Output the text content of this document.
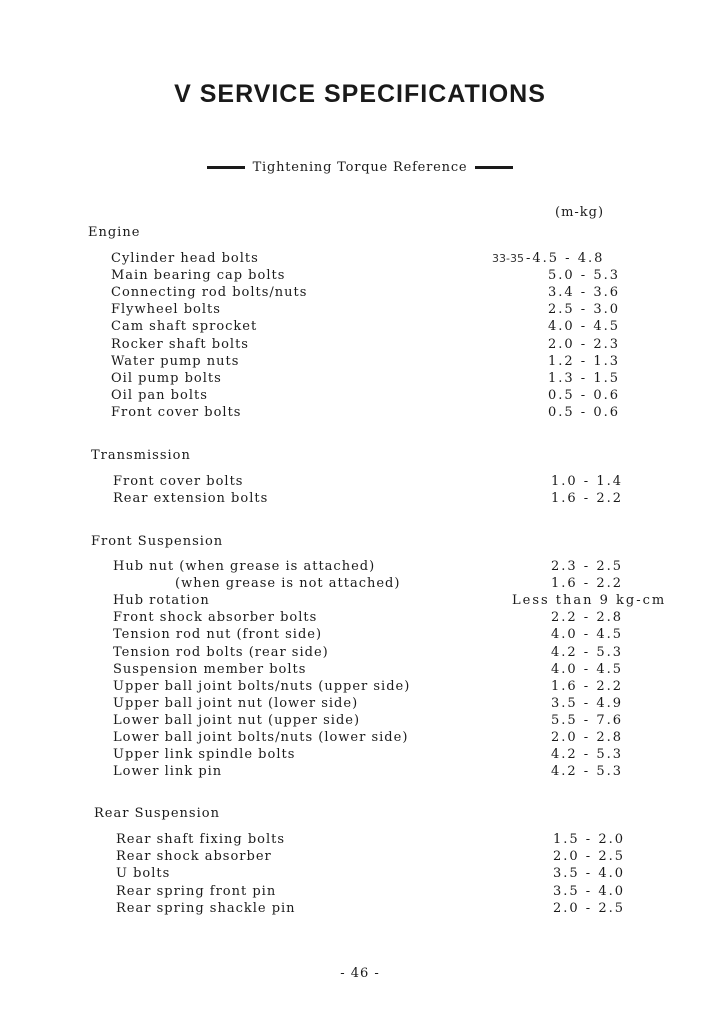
V SERVICE SPECIFICATIONS
Tightening Torque Reference
(m-kg)
Engine
Cylinder head bolts	33-35 -4.5 - 4.8
Main bearing cap bolts	5.0 - 5.3
Connecting rod bolts/nuts	3.4 - 3.6
Flywheel bolts	2.5 - 3.0
Cam shaft sprocket	4.0 - 4.5
Rocker shaft bolts	2.0 - 2.3
Water pump nuts	1.2 - 1.3
Oil pump bolts	1.3 - 1.5
Oil pan bolts	0.5 - 0.6
Front cover bolts	0.5 - 0.6
Transmission
Front cover bolts	1.0 - 1.4
Rear extension bolts	1.6 - 2.2
Front Suspension
Hub nut (when grease is attached)	2.3 - 2.5
(when grease is not attached)	1.6 - 2.2
Hub rotation	Less than 9 kg-cm
Front shock absorber bolts	2.2 - 2.8
Tension rod nut (front side)	4.0 - 4.5
Tension rod bolts (rear side)	4.2 - 5.3
Suspension member bolts	4.0 - 4.5
Upper ball joint bolts/nuts (upper side)	1.6 - 2.2
Upper ball joint nut (lower side)	3.5 - 4.9
Lower ball joint nut (upper side)	5.5 - 7.6
Lower ball joint bolts/nuts (lower side)	2.0 - 2.8
Upper link spindle bolts	4.2 - 5.3
Lower link pin	4.2 - 5.3
Rear Suspension
Rear shaft fixing bolts	1.5 - 2.0
Rear shock absorber	2.0 - 2.5
U bolts	3.5 - 4.0
Rear spring front pin	3.5 - 4.0
Rear spring shackle pin	2.0 - 2.5
- 46 -
